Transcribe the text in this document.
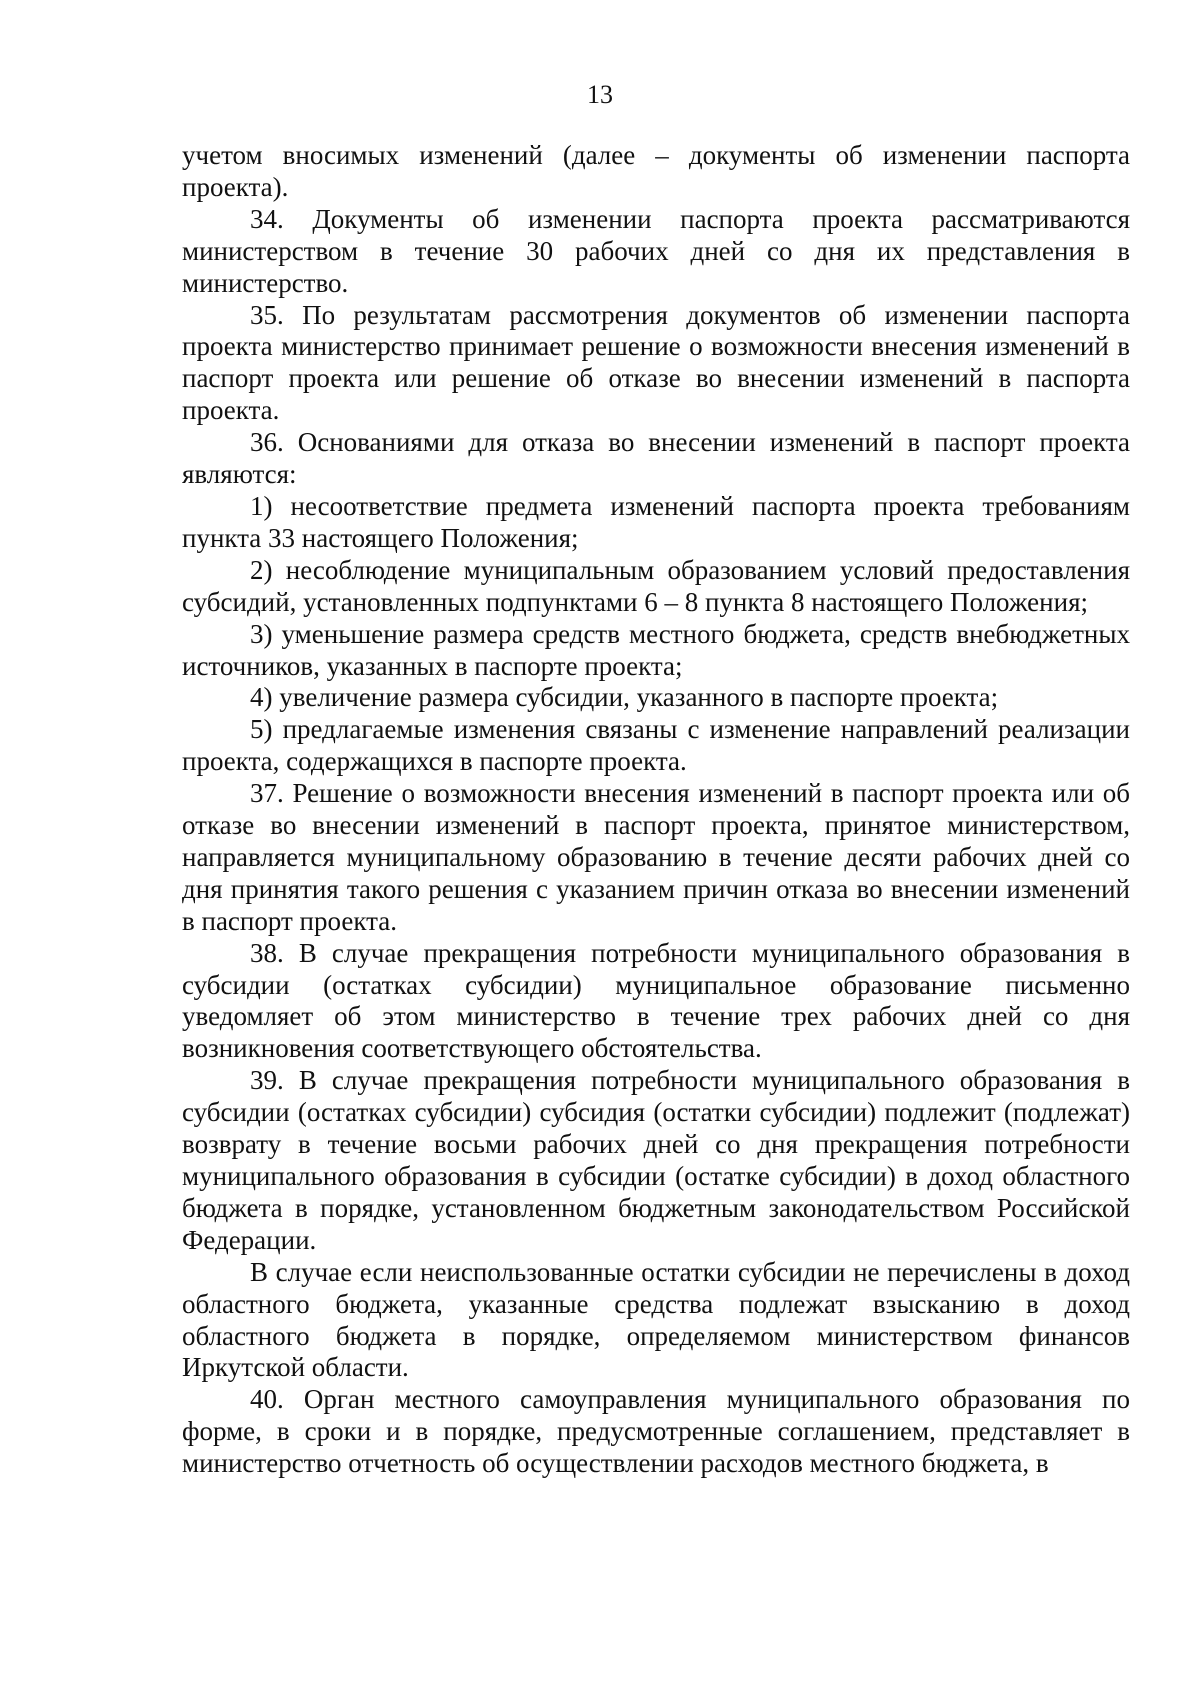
13

учетом вносимых изменений (далее – документы об изменении паспорта проекта).

34. Документы об изменении паспорта проекта рассматриваются министерством в течение 30 рабочих дней со дня их представления в министерство.

35. По результатам рассмотрения документов об изменении паспорта проекта министерство принимает решение о возможности внесения изменений в паспорт проекта или решение об отказе во внесении изменений в паспорта проекта.

36. Основаниями для отказа во внесении изменений в паспорт проекта являются:

1) несоответствие предмета изменений паспорта проекта требованиям пункта 33 настоящего Положения;

2) несоблюдение муниципальным образованием условий предоставления субсидий, установленных подпунктами 6 – 8 пункта 8 настоящего Положения;

3) уменьшение размера средств местного бюджета, средств внебюджетных источников, указанных в паспорте проекта;

4) увеличение размера субсидии, указанного в паспорте проекта;

5) предлагаемые изменения связаны с изменение направлений реализации проекта, содержащихся в паспорте проекта.

37. Решение о возможности внесения изменений в паспорт проекта или об отказе во внесении изменений в паспорт проекта, принятое министерством, направляется муниципальному образованию в течение десяти рабочих дней со дня принятия такого решения с указанием причин отказа во внесении изменений в паспорт проекта.

38. В случае прекращения потребности муниципального образования в субсидии (остатках субсидии) муниципальное образование письменно уведомляет об этом министерство в течение трех рабочих дней со дня возникновения соответствующего обстоятельства.

39. В случае прекращения потребности муниципального образования в субсидии (остатках субсидии) субсидия (остатки субсидии) подлежит (подлежат) возврату в течение восьми рабочих дней со дня прекращения потребности муниципального образования в субсидии (остатке субсидии) в доход областного бюджета в порядке, установленном бюджетным законодательством Российской Федерации.

В случае если неиспользованные остатки субсидии не перечислены в доход областного бюджета, указанные средства подлежат взысканию в доход областного бюджета в порядке, определяемом министерством финансов Иркутской области.

40. Орган местного самоуправления муниципального образования по форме, в сроки и в порядке, предусмотренные соглашением, представляет в министерство отчетность об осуществлении расходов местного бюджета, в
